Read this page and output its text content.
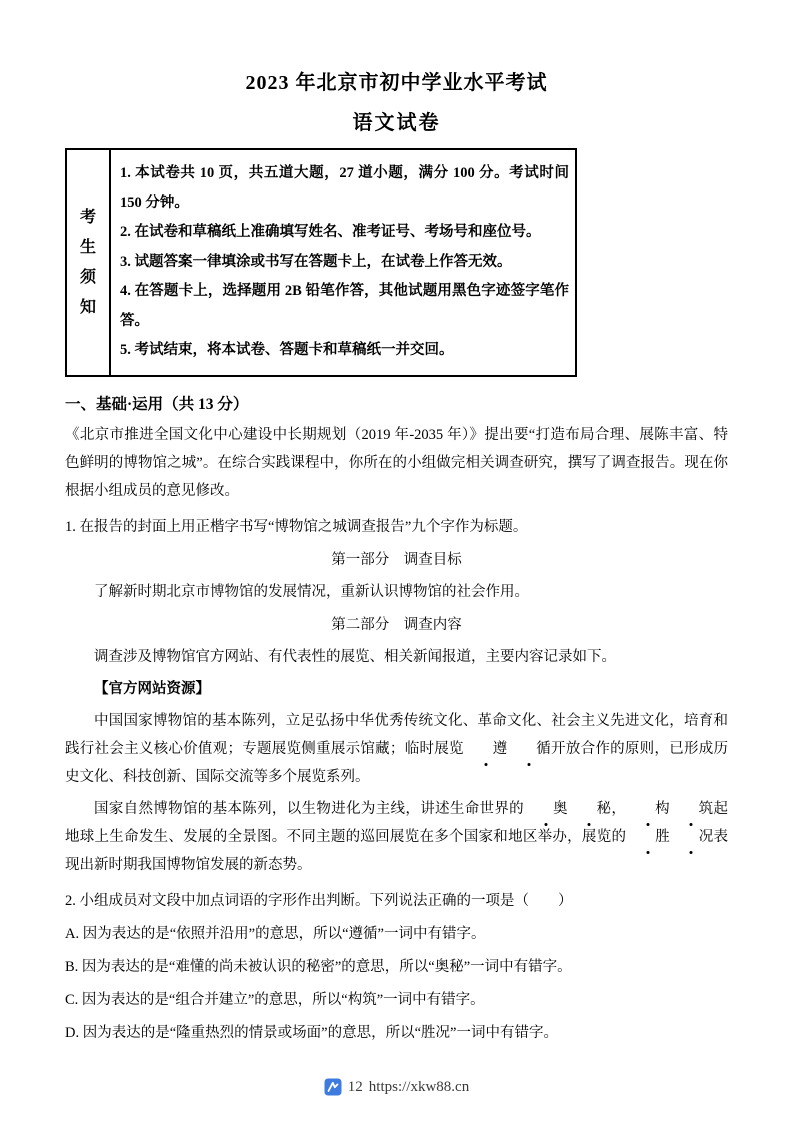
2023 年北京市初中学业水平考试
语文试卷
考
生
须
知
1. 本试卷共 10 页，共五道大题，27 道小题，满分 100 分。考试时间 150 分钟。
2. 在试卷和草稿纸上准确填写姓名、准考证号、考场号和座位号。
3. 试题答案一律填涂或书写在答题卡上，在试卷上作答无效。
4. 在答题卡上，选择题用 2B 铅笔作答，其他试题用黑色字迹签字笔作答。
5. 考试结束，将本试卷、答题卡和草稿纸一并交回。
一、基础·运用（共 13 分）

《北京市推进全国文化中心建设中长期规划（2019 年-2035 年）》提出要“打造布局合理、展陈丰富、特色鲜明的博物馆之城”。在综合实践课程中，你所在的小组做完相关调查研究，撰写了调查报告。现在你根据小组成员的意见修改。

1. 在报告的封面上用正楷字书写“博物馆之城调查报告”九个字作为标题。

第一部分　调查目标

了解新时期北京市博物馆的发展情况，重新认识博物馆的社会作用。

第二部分　调查内容

调查涉及博物馆官方网站、有代表性的展览、相关新闻报道，主要内容记录如下。

【官方网站资源】

中国国家博物馆的基本陈列，立足弘扬中华优秀传统文化、革命文化、社会主义先进文化，培育和践行社会主义核心价值观；专题展览侧重展示馆藏；临时展览 遵 循开放合作的原则，已形成历史文化、科技创新、国际交流等多个展览系列。

国家自然博物馆的基本陈列，以生物进化为主线，讲述生命世界的 奥 秘， 构 筑起地球上生命发生、发展的全景图。不同主题的巡回展览在多个国家和地区举办，展览的 胜 况表现出新时期我国博物馆发展的新态势。

2. 小组成员对文段中加点词语的字形作出判断。下列说法正确的一项是（　　）

A. 因为表达的是“依照并沿用”的意思，所以“遵循”一词中有错字。
B. 因为表达的是“难懂的尚未被认识的秘密”的意思，所以“奥秘”一词中有错字。
C. 因为表达的是“组合并建立”的意思，所以“构筑”一词中有错字。
D. 因为表达的是“隆重热烈的情景或场面”的意思，所以“胜况”一词中有错字。
12 https://xkw88.cn
